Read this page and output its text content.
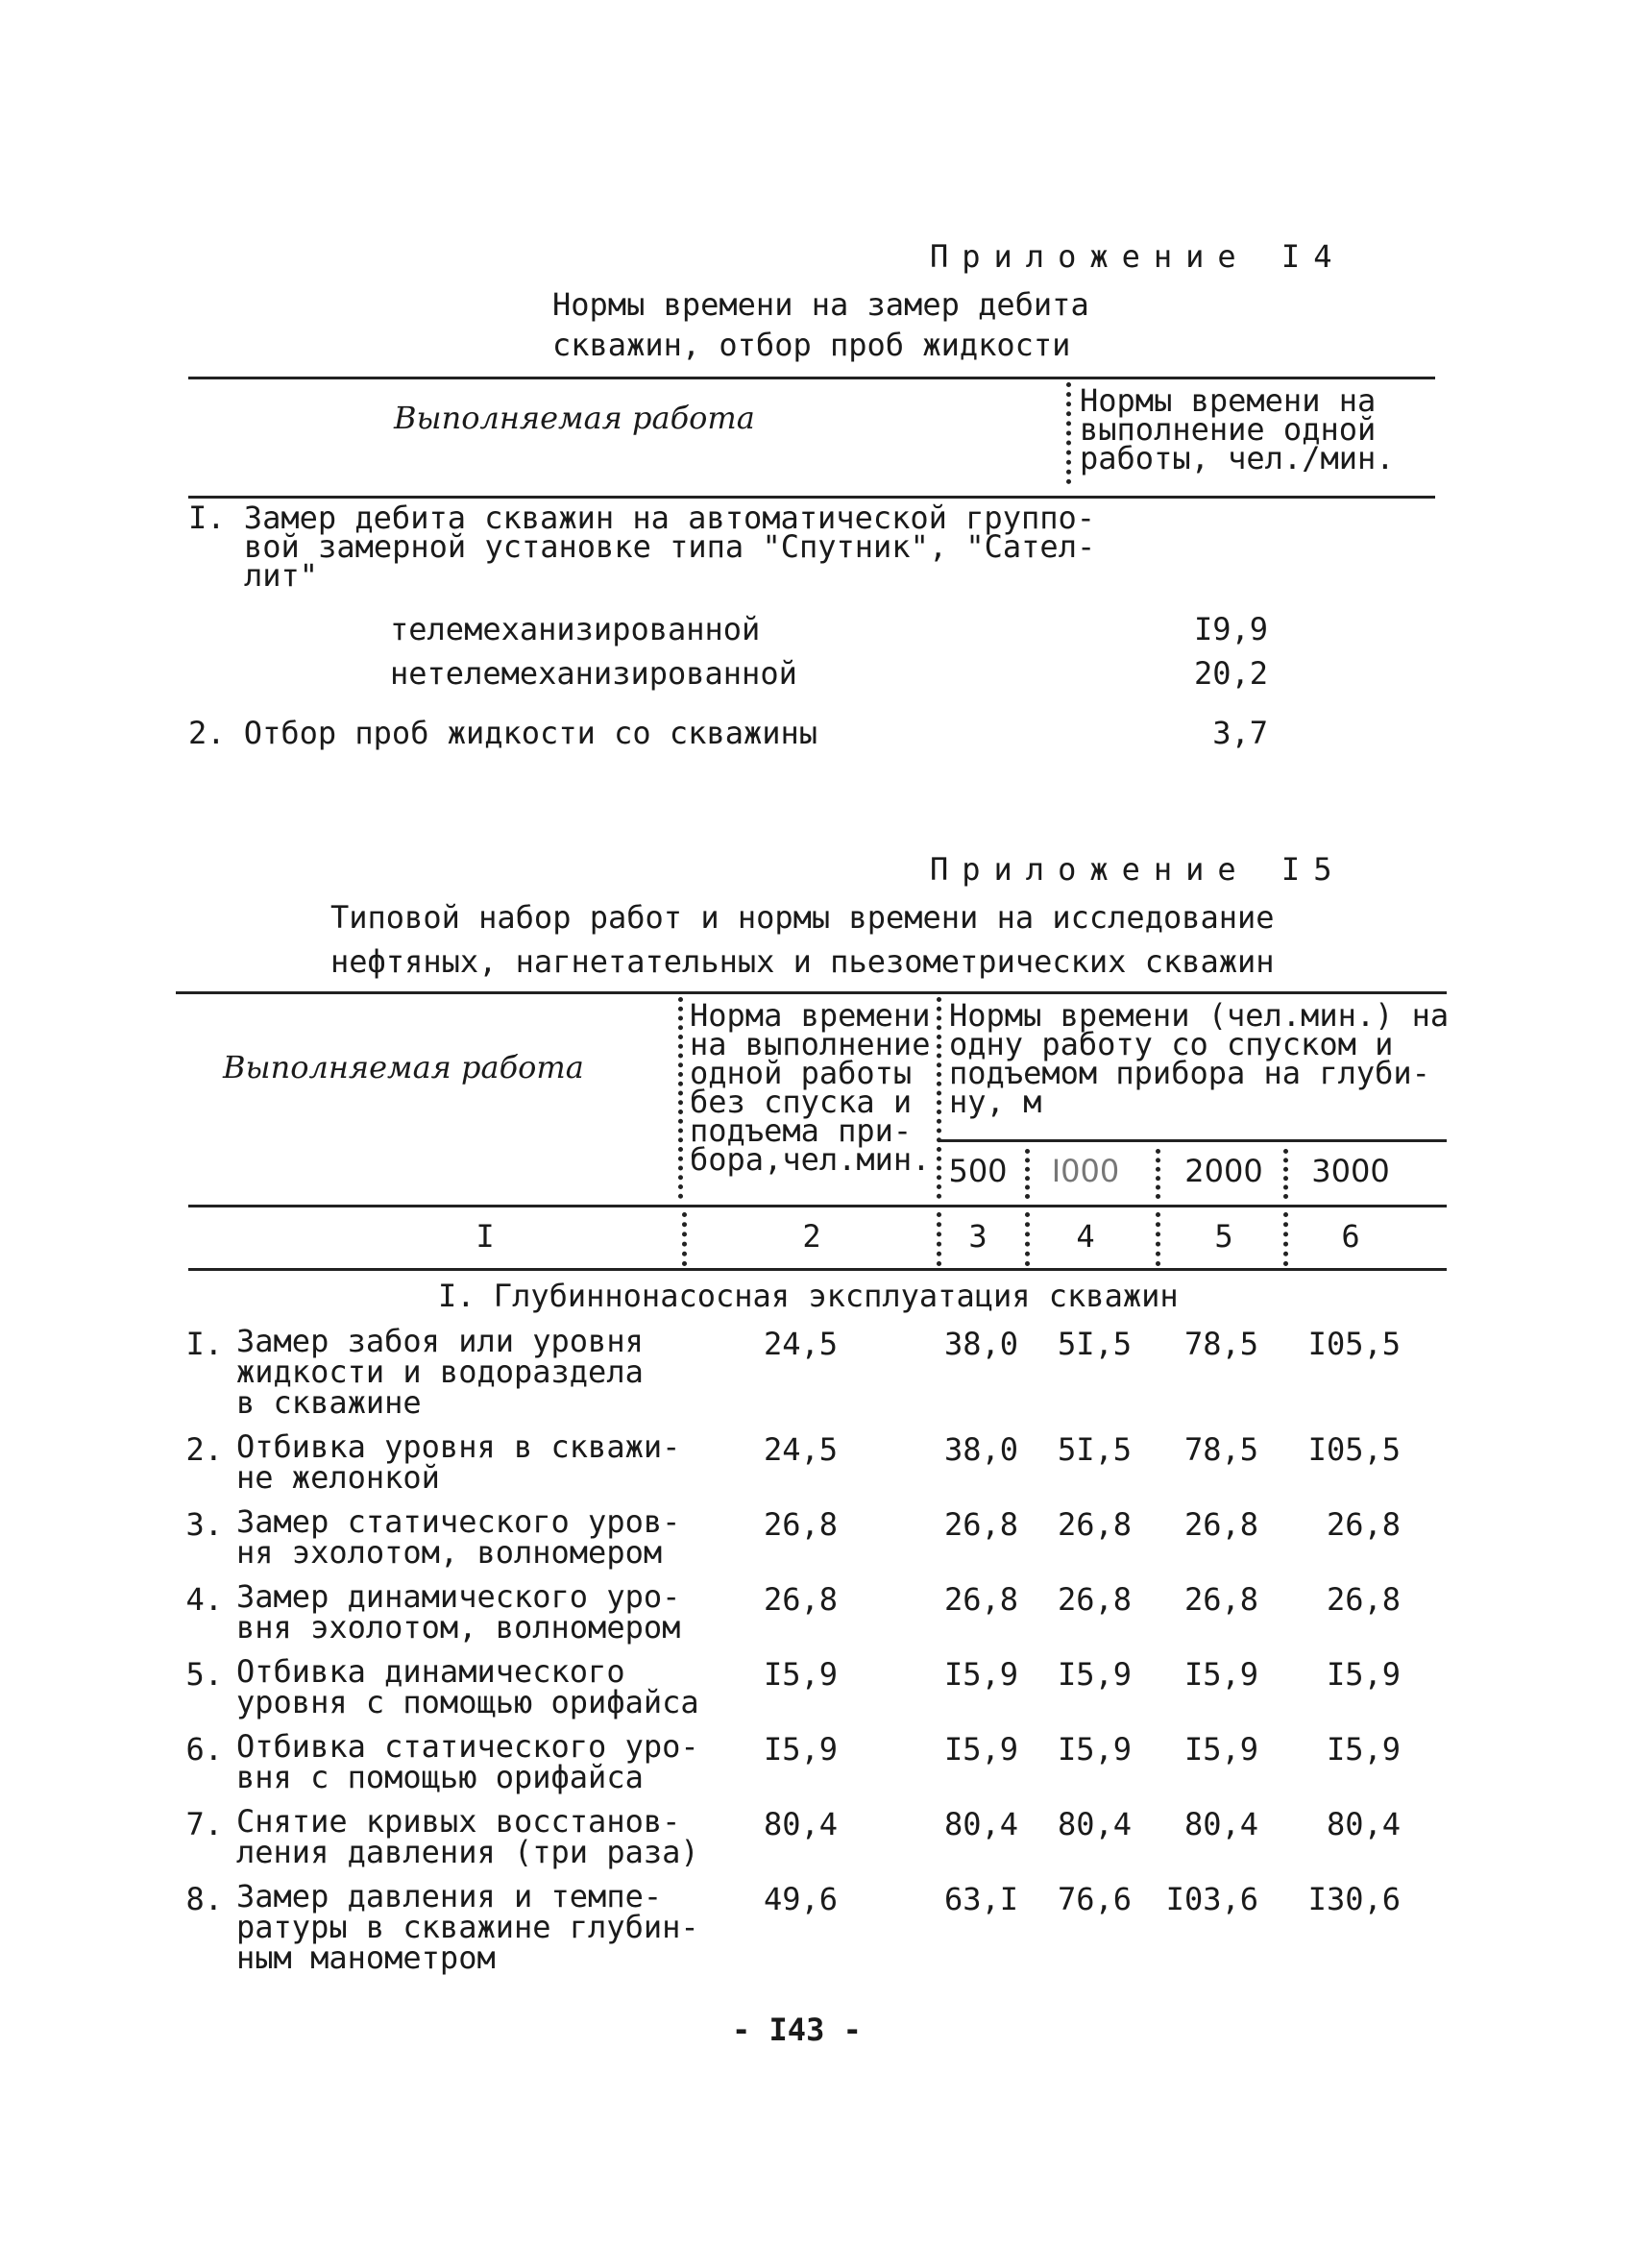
Приложение I4
Нормы времени на замер дебита
скважин, отбор проб жидкости
Выполняемая работа	Нормы времени на
выполнение одной
работы, чел./мин.
I. Замер дебита скважин на автоматической группо-
вой замерной установке типа "Спутник", "Сател-
лит"
телемеханизированной	I9,9
нетелемеханизированной	20,2
2. Отбор проб жидкости со скважины	3,7
Приложение I5
Типовой набор работ и нормы времени на исследование
нефтяных, нагнетательных и пьезометрических скважин
Выполняемая работа
Норма времени
на выполнение
одной работы
без спуска и
подъема при-
бора,чел.мин.
Нормы времени (чел.мин.) на
одну работу со спуском и
подъемом прибора на глуби-
ну, м
500	I000	2000	3000
I	2	3	4	5	6
I. Глубиннонасосная эксплуатация скважин
I. Замер забоя или уровня
жидкости и водораздела
в скважине
24,5	38,0	5I,5	78,5	I05,5
2. Отбивка уровня в скважи-
не желонкой
24,5	38,0	5I,5	78,5	I05,5
3. Замер статического уров-
ня эхолотом, волномером
26,8	26,8	26,8	26,8	26,8
4. Замер динамического уро-
вня эхолотом, волномером
26,8	26,8	26,8	26,8	26,8
5. Отбивка динамического
уровня с помощью орифайса
I5,9	I5,9	I5,9	I5,9	I5,9
6. Отбивка статического уро-
вня с помощью орифайса
I5,9	I5,9	I5,9	I5,9	I5,9
7. Снятие кривых восстанов-
ления давления (три раза)
80,4	80,4	80,4	80,4	80,4
8. Замер давления и темпе-
ратуры в скважине глубин-
ным манометром
49,6	63,I	76,6	I03,6	I30,6
- I43 -
